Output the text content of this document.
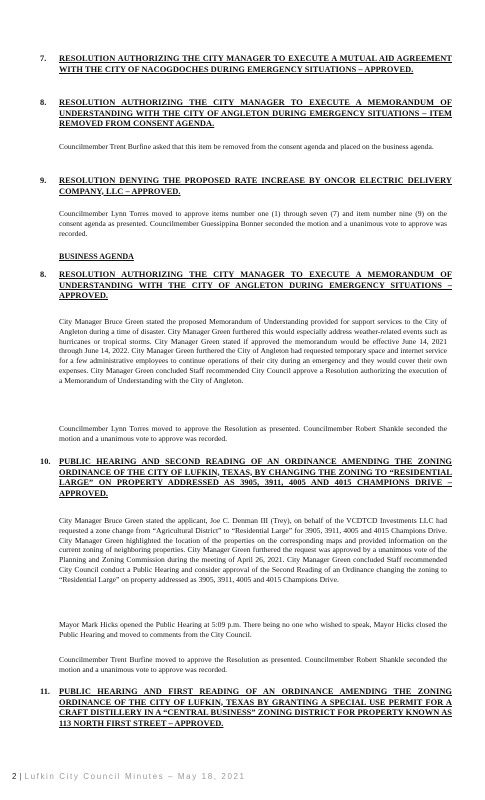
7.	RESOLUTION AUTHORIZING THE CITY MANAGER TO EXECUTE A MUTUAL AID AGREEMENT WITH THE CITY OF NACOGDOCHES DURING EMERGENCY SITUATIONS – APPROVED.
8.	RESOLUTION AUTHORIZING THE CITY MANAGER TO EXECUTE A MEMORANDUM OF UNDERSTANDING WITH THE CITY OF ANGLETON DURING EMERGENCY SITUATIONS – ITEM REMOVED FROM CONSENT AGENDA.
Councilmember Trent Burfine asked that this item be removed from the consent agenda and placed on the business agenda.
9.	RESOLUTION DENYING THE PROPOSED RATE INCREASE BY ONCOR ELECTRIC DELIVERY COMPANY, LLC – APPROVED.
Councilmember Lynn Torres moved to approve items number one (1) through seven (7) and item number nine (9) on the consent agenda as presented. Councilmember Guessippina Bonner seconded the motion and a unanimous vote to approve was recorded.
BUSINESS AGENDA
8.	RESOLUTION AUTHORIZING THE CITY MANAGER TO EXECUTE A MEMORANDUM OF UNDERSTANDING WITH THE CITY OF ANGLETON DURING EMERGENCY SITUATIONS – APPROVED.
City Manager Bruce Green stated the proposed Memorandum of Understanding provided for support services to the City of Angleton during a time of disaster. City Manager Green furthered this would especially address weather-related events such as hurricanes or tropical storms. City Manager Green stated if approved the memorandum would be effective June 14, 2021 through June 14, 2022. City Manager Green furthered the City of Angleton had requested temporary space and internet service for a few administrative employees to continue operations of their city during an emergency and they would cover their own expenses. City Manager Green concluded Staff recommended City Council approve a Resolution authorizing the execution of a Memorandum of Understanding with the City of Angleton.
Councilmember Lynn Torres moved to approve the Resolution as presented. Councilmember Robert Shankle seconded the motion and a unanimous vote to approve was recorded.
10.	PUBLIC HEARING AND SECOND READING OF AN ORDINANCE AMENDING THE ZONING ORDINANCE OF THE CITY OF LUFKIN, TEXAS, BY CHANGING THE ZONING TO “RESIDENTIAL LARGE” ON PROPERTY ADDRESSED AS 3905, 3911, 4005 AND 4015 CHAMPIONS DRIVE – APPROVED.
City Manager Bruce Green stated the applicant, Joe C. Denman III (Trey), on behalf of the VCDTCD Investments LLC had requested a zone change from “Agricultural District” to “Residential Large” for 3905, 3911, 4005 and 4015 Champions Drive. City Manager Green highlighted the location of the properties on the corresponding maps and provided information on the current zoning of neighboring properties. City Manager Green furthered the request was approved by a unanimous vote of the Planning and Zoning Commission during the meeting of April 26, 2021. City Manager Green concluded Staff recommended City Council conduct a Public Hearing and consider approval of the Second Reading of an Ordinance changing the zoning to “Residential Large” on property addressed as 3905, 3911, 4005 and 4015 Champions Drive.
Mayor Mark Hicks opened the Public Hearing at 5:09 p.m. There being no one who wished to speak, Mayor Hicks closed the Public Hearing and moved to comments from the City Council.
Councilmember Trent Burfine moved to approve the Resolution as presented. Councilmember Robert Shankle seconded the motion and a unanimous vote to approve was recorded.
11.	PUBLIC HEARING AND FIRST READING OF AN ORDINANCE AMENDING THE ZONING ORDINANCE OF THE CITY OF LUFKIN, TEXAS BY GRANTING A SPECIAL USE PERMIT FOR A CRAFT DISTILLERY IN A “CENTRAL BUSINESS” ZONING DISTRICT FOR PROPERTY KNOWN AS 113 NORTH FIRST STREET – APPROVED.
2 | Lufkin City Council Minutes – May 18, 2021
